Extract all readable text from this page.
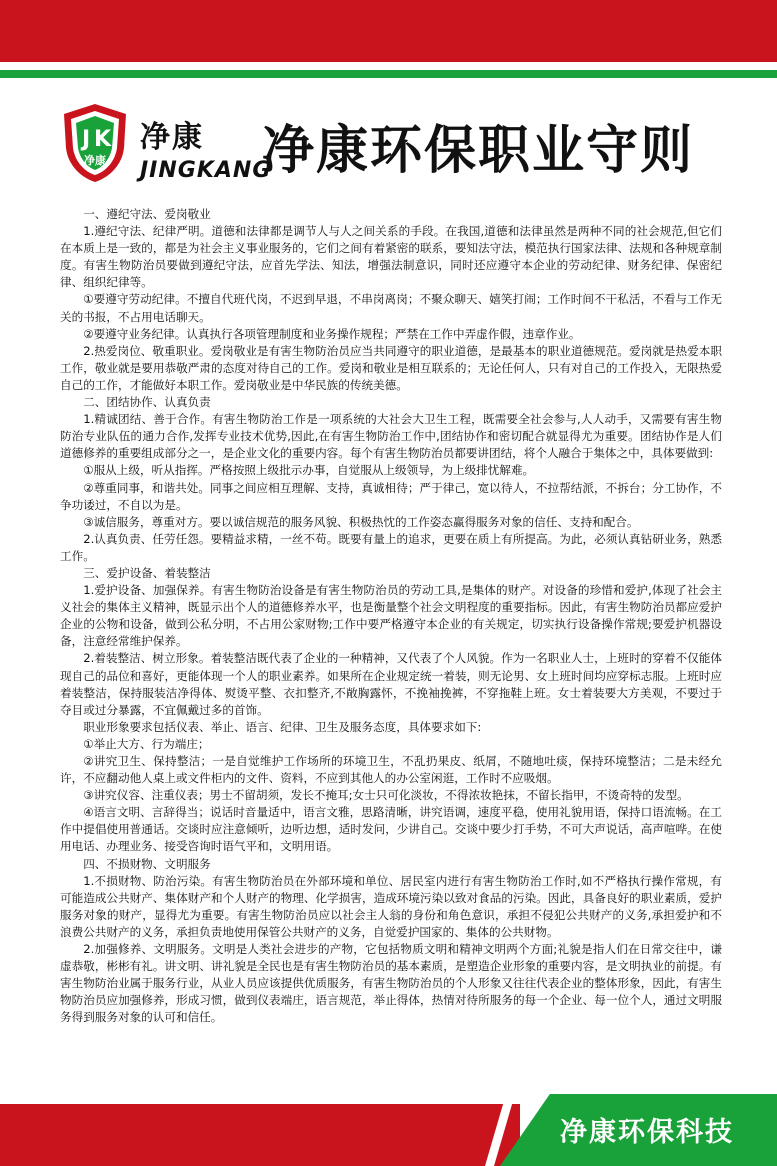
J K
净康
净康
JINGKANG
净康环保职业守则

一、遵纪守法、爱岗敬业

1.遵纪守法、纪律严明。道德和法律都是调节人与人之间关系的手段。在我国,道德和法律虽然是两种不同的社会规范,但它们在本质上是一致的，都是为社会主义事业服务的，它们之间有着紧密的联系，要知法守法，模范执行国家法律、法规和各种规章制度。有害生物防治员要做到遵纪守法，应首先学法、知法，增强法制意识，同时还应遵守本企业的劳动纪律、财务纪律、保密纪律、组织纪律等。

①要遵守劳动纪律。不擅自代班代岗，不迟到早退，不串岗离岗；不聚众聊天、嬉笑打闹；工作时间不干私活，不看与工作无关的书报，不占用电话聊天。

②要遵守业务纪律。认真执行各项管理制度和业务操作规程；严禁在工作中弄虚作假，违章作业。

2.热爱岗位、敬重职业。爱岗敬业是有害生物防治员应当共同遵守的职业道德，是最基本的职业道德规范。爱岗就是热爱本职工作，敬业就是要用恭敬严肃的态度对待自己的工作。爱岗和敬业是相互联系的；无论任何人，只有对自己的工作投入，无限热爱自己的工作，才能做好本职工作。爱岗敬业是中华民族的传统美德。

二、团结协作、认真负责

1.精诚团结、善于合作。有害生物防治工作是一项系统的大社会大卫生工程，既需要全社会参与,人人动手，又需要有害生物防治专业队伍的通力合作,发挥专业技术优势,因此,在有害生物防治工作中,团结协作和密切配合就显得尤为重要。团结协作是人们道德修养的重要组成部分之一，是企业文化的重要内容。每个有害生物防治员都要讲团结，将个人融合于集体之中，具体要做到:

①服从上级，听从指挥。严格按照上级批示办事，自觉服从上级领导，为上级排忧解难。

②尊重同事，和谐共处。同事之间应相互理解、支持，真诚相待；严于律己，宽以待人，不拉帮结派，不拆台；分工协作，不争功诿过，不自以为是。

③诚信服务，尊重对方。要以诚信规范的服务风貌、积极热忱的工作姿态赢得服务对象的信任、支持和配合。

2.认真负责、任劳任怨。要精益求精，一丝不苟。既要有量上的追求，更要在质上有所提高。为此，必须认真钻研业务，熟悉工作。

三、爱护设备、着装整洁

1.爱护设备、加强保养。有害生物防治设备是有害生物防治员的劳动工具,是集体的财产。对设备的珍惜和爱护,体现了社会主义社会的集体主义精神，既显示出个人的道德修养水平，也是衡量整个社会文明程度的重要指标。因此，有害生物防治员都应爱护企业的公物和设备，做到公私分明，不占用公家财物;工作中要严格遵守本企业的有关规定，切实执行设备操作常规;要爱护机器设备，注意经常维护保养。

2.着装整洁、树立形象。着装整洁既代表了企业的一种精神，又代表了个人风貌。作为一名职业人士，上班时的穿着不仅能体现自己的品位和喜好，更能体现一个人的职业素养。如果所在企业规定统一着装，则无论男、女上班时间均应穿标志服。上班时应着装整洁，保持服装洁净得体、熨烫平整、衣扣整齐,不敞胸露怀，不挽袖挽裤，不穿拖鞋上班。女士着装要大方美观，不要过于夺目或过分暴露，不宜佩戴过多的首饰。

职业形象要求包括仪表、举止、语言、纪律、卫生及服务态度，具体要求如下:

①举止大方、行为端庄；

②讲究卫生、保持整洁；一是自觉维护工作场所的环境卫生，不乱扔果皮、纸屑，不随地吐痰，保持环境整洁；二是未经允许，不应翻动他人桌上或文件柜内的文件、资料，不应到其他人的办公室闲逛，工作时不应吸烟。

③讲究仪容、注重仪表；男士不留胡须，发长不掩耳;女士只可化淡妆，不得浓妆艳抹，不留长指甲，不烫奇特的发型。

④语言文明、言辞得当；说话时音量适中，语言文雅，思路清晰，讲究语调，速度平稳，使用礼貌用语，保持口语流畅。在工作中提倡使用普通话。交谈时应注意倾听，边听边想，适时发问，少讲自己。交谈中要少打手势，不可大声说话，高声喧哗。在使用电话、办理业务、接受咨询时语气平和，文明用语。

四、不损财物、文明服务

1.不损财物、防治污染。有害生物防治员在外部环境和单位、居民室内进行有害生物防治工作时,如不严格执行操作常规，有可能造成公共财产、集体财产和个人财产的物理、化学损害，造成环境污染以致对食品的污染。因此，具备良好的职业素质，爱护服务对象的财产，显得尤为重要。有害生物防治员应以社会主人翁的身份和角色意识，承担不侵犯公共财产的义务,承担爱护和不浪费公共财产的义务，承担负责地使用保管公共财产的义务，自觉爱护国家的、集体的公共财物。

2.加强修养、文明服务。文明是人类社会进步的产物，它包括物质文明和精神文明两个方面;礼貌是指人们在日常交往中，谦虚恭敬，彬彬有礼。讲文明、讲礼貌是全民也是有害生物防治员的基本素质，是塑造企业形象的重要内容，是文明执业的前提。有害生物防治业属于服务行业，从业人员应该提供优质服务，有害生物防治员的个人形象又往往代表企业的整体形象，因此，有害生物防治员应加强修养，形成习惯，做到仪表端庄，语言规范，举止得体，热情对待所服务的每一个企业、每一位个人，通过文明服务得到服务对象的认可和信任。

净康环保科技
